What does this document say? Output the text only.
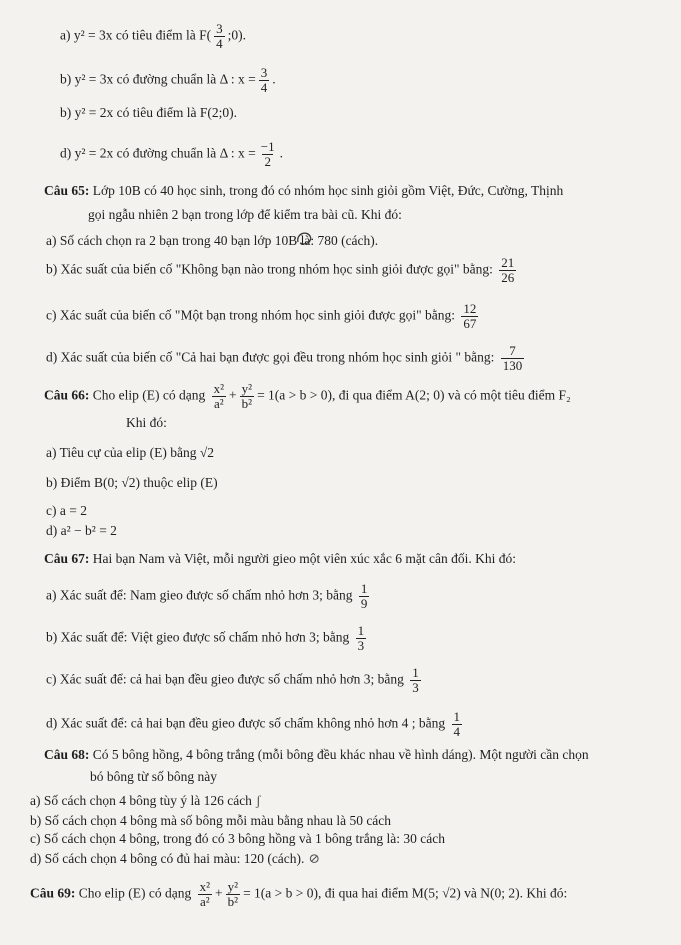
a) y² = 3x có tiêu điểm là $F( \frac{3}{4}$ ;0).
b) y² = 3x có đường chuẩn là Δ : $x = \frac{3}{4}$ .
b) y² = 2x có tiêu điểm là F(2;0).
d) y² = 2x có đường chuẩn là Δ : $x = \frac{-1}{2}$ .
Câu 65: Lớp 10B có 40 học sinh, trong đó có nhóm học sinh giỏi gồm Việt, Đức, Cường, Thịnh
gọi ngẫu nhiên 2 bạn trong lớp để kiểm tra bài cũ. Khi đó:
a) Số cách chọn ra 2 bạn trong 40 bạn lớp 10B là: 780 (cách).
b) Xác suất của biến cố "Không bạn nào trong nhóm học sinh giỏi được gọi" bằng: $\frac{21}{26}$
c) Xác suất của biến cố "Một bạn trong nhóm học sinh giỏi được gọi" bằng: $\frac{12}{67}$
d) Xác suất của biến cố "Cả hai bạn được gọi đều trong nhóm học sinh giỏi " bằng: $\frac{7}{130}$
Câu 66: Cho elip (E) có dạng $\frac{\text{x²}}{\text{a²}} + \frac{\text{y²}}{\text{b²}} = 1(a > b > 0)$, đi qua điểm A(2; 0) và có một tiêu điểm F₂
Khi đó:
a) Tiêu cự của elip (E) bằng √2
b) Điểm B(0; √2) thuộc elip (E)
c) a = 2
d) a² − b² = 2
Câu 67: Hai bạn Nam và Việt, mỗi người gieo một viên xúc xắc 6 mặt cân đối. Khi đó:
a) Xác suất để: Nam gieo được số chấm nhỏ hơn 3; bằng $\frac{1}{9}$
b) Xác suất để: Việt gieo được số chấm nhỏ hơn 3; bằng $\frac{1}{3}$
c) Xác suất để: cả hai bạn đều gieo được số chấm nhỏ hơn 3; bằng $\frac{1}{3}$
d) Xác suất để: cả hai bạn đều gieo được số chấm không nhỏ hơn 4 ; bằng $\frac{1}{4}$
Câu 68: Có 5 bông hồng, 4 bông trắng (mỗi bông đều khác nhau về hình dáng). Một người cần chọn
bó bông từ số bông này
a) Số cách chọn 4 bông tùy ý là 126 cách ʃ
b) Số cách chọn 4 bông mà số bông mỗi màu bằng nhau là 50 cách
c) Số cách chọn 4 bông, trong đó có 3 bông hồng và 1 bông trắng là: 30 cách
d) Số cách chọn 4 bông có đủ hai màu: 120 (cách). ⊘
Câu 69: Cho elip (E) có dạng $\frac{\text{x²}}{\text{a²}} + \frac{\text{y²}}{\text{b²}} = 1(a > b > 0)$, đi qua hai điểm M(5; √2) và N(0; 2). Khi đó:
